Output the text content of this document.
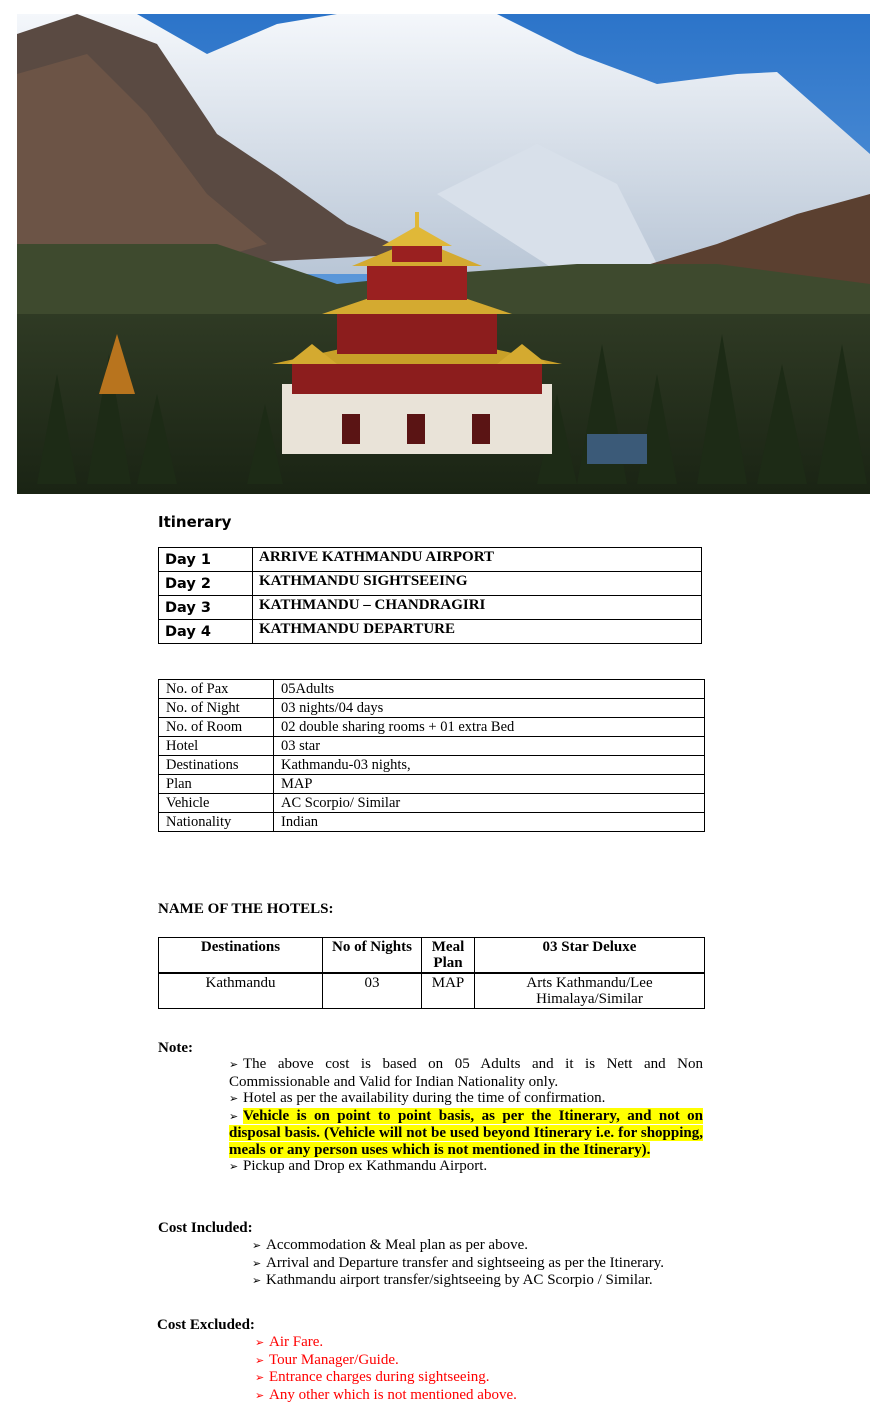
Itinerary
Day 1	ARRIVE KATHMANDU AIRPORT
Day 2	KATHMANDU SIGHTSEEING
Day 3	KATHMANDU – CHANDRAGIRI
Day 4	KATHMANDU DEPARTURE
No. of Pax	05Adults
No. of Night	03 nights/04 days
No. of Room	02 double sharing rooms + 01 extra Bed
Hotel	03 star
Destinations	Kathmandu-03 nights,
Plan	MAP
Vehicle	AC Scorpio/ Similar
Nationality	Indian
NAME OF THE HOTELS:
Destinations	No of Nights	Meal Plan	03 Star Deluxe
Kathmandu	03	MAP	Arts Kathmandu/Lee Himalaya/Similar
Note:

➢ The above cost is based on 05 Adults and it is Nett and Non Commissionable and Valid for Indian Nationality only.

➢ Hotel as per the availability during the time of confirmation.

➢ Vehicle is on point to point basis, as per the Itinerary, and not on disposal basis. (Vehicle will not be used beyond Itinerary i.e. for shopping, meals or any person uses which is not mentioned in the Itinerary).

➢ Pickup and Drop ex Kathmandu Airport.

Cost Included:
➢ Accommodation & Meal plan as per above.
➢ Arrival and Departure transfer and sightseeing as per the Itinerary.
➢ Kathmandu airport transfer/sightseeing by AC Scorpio / Similar.
Cost Excluded:
➢ Air Fare.
➢ Tour Manager/Guide.
➢ Entrance charges during sightseeing.
➢ Any other which is not mentioned above.
